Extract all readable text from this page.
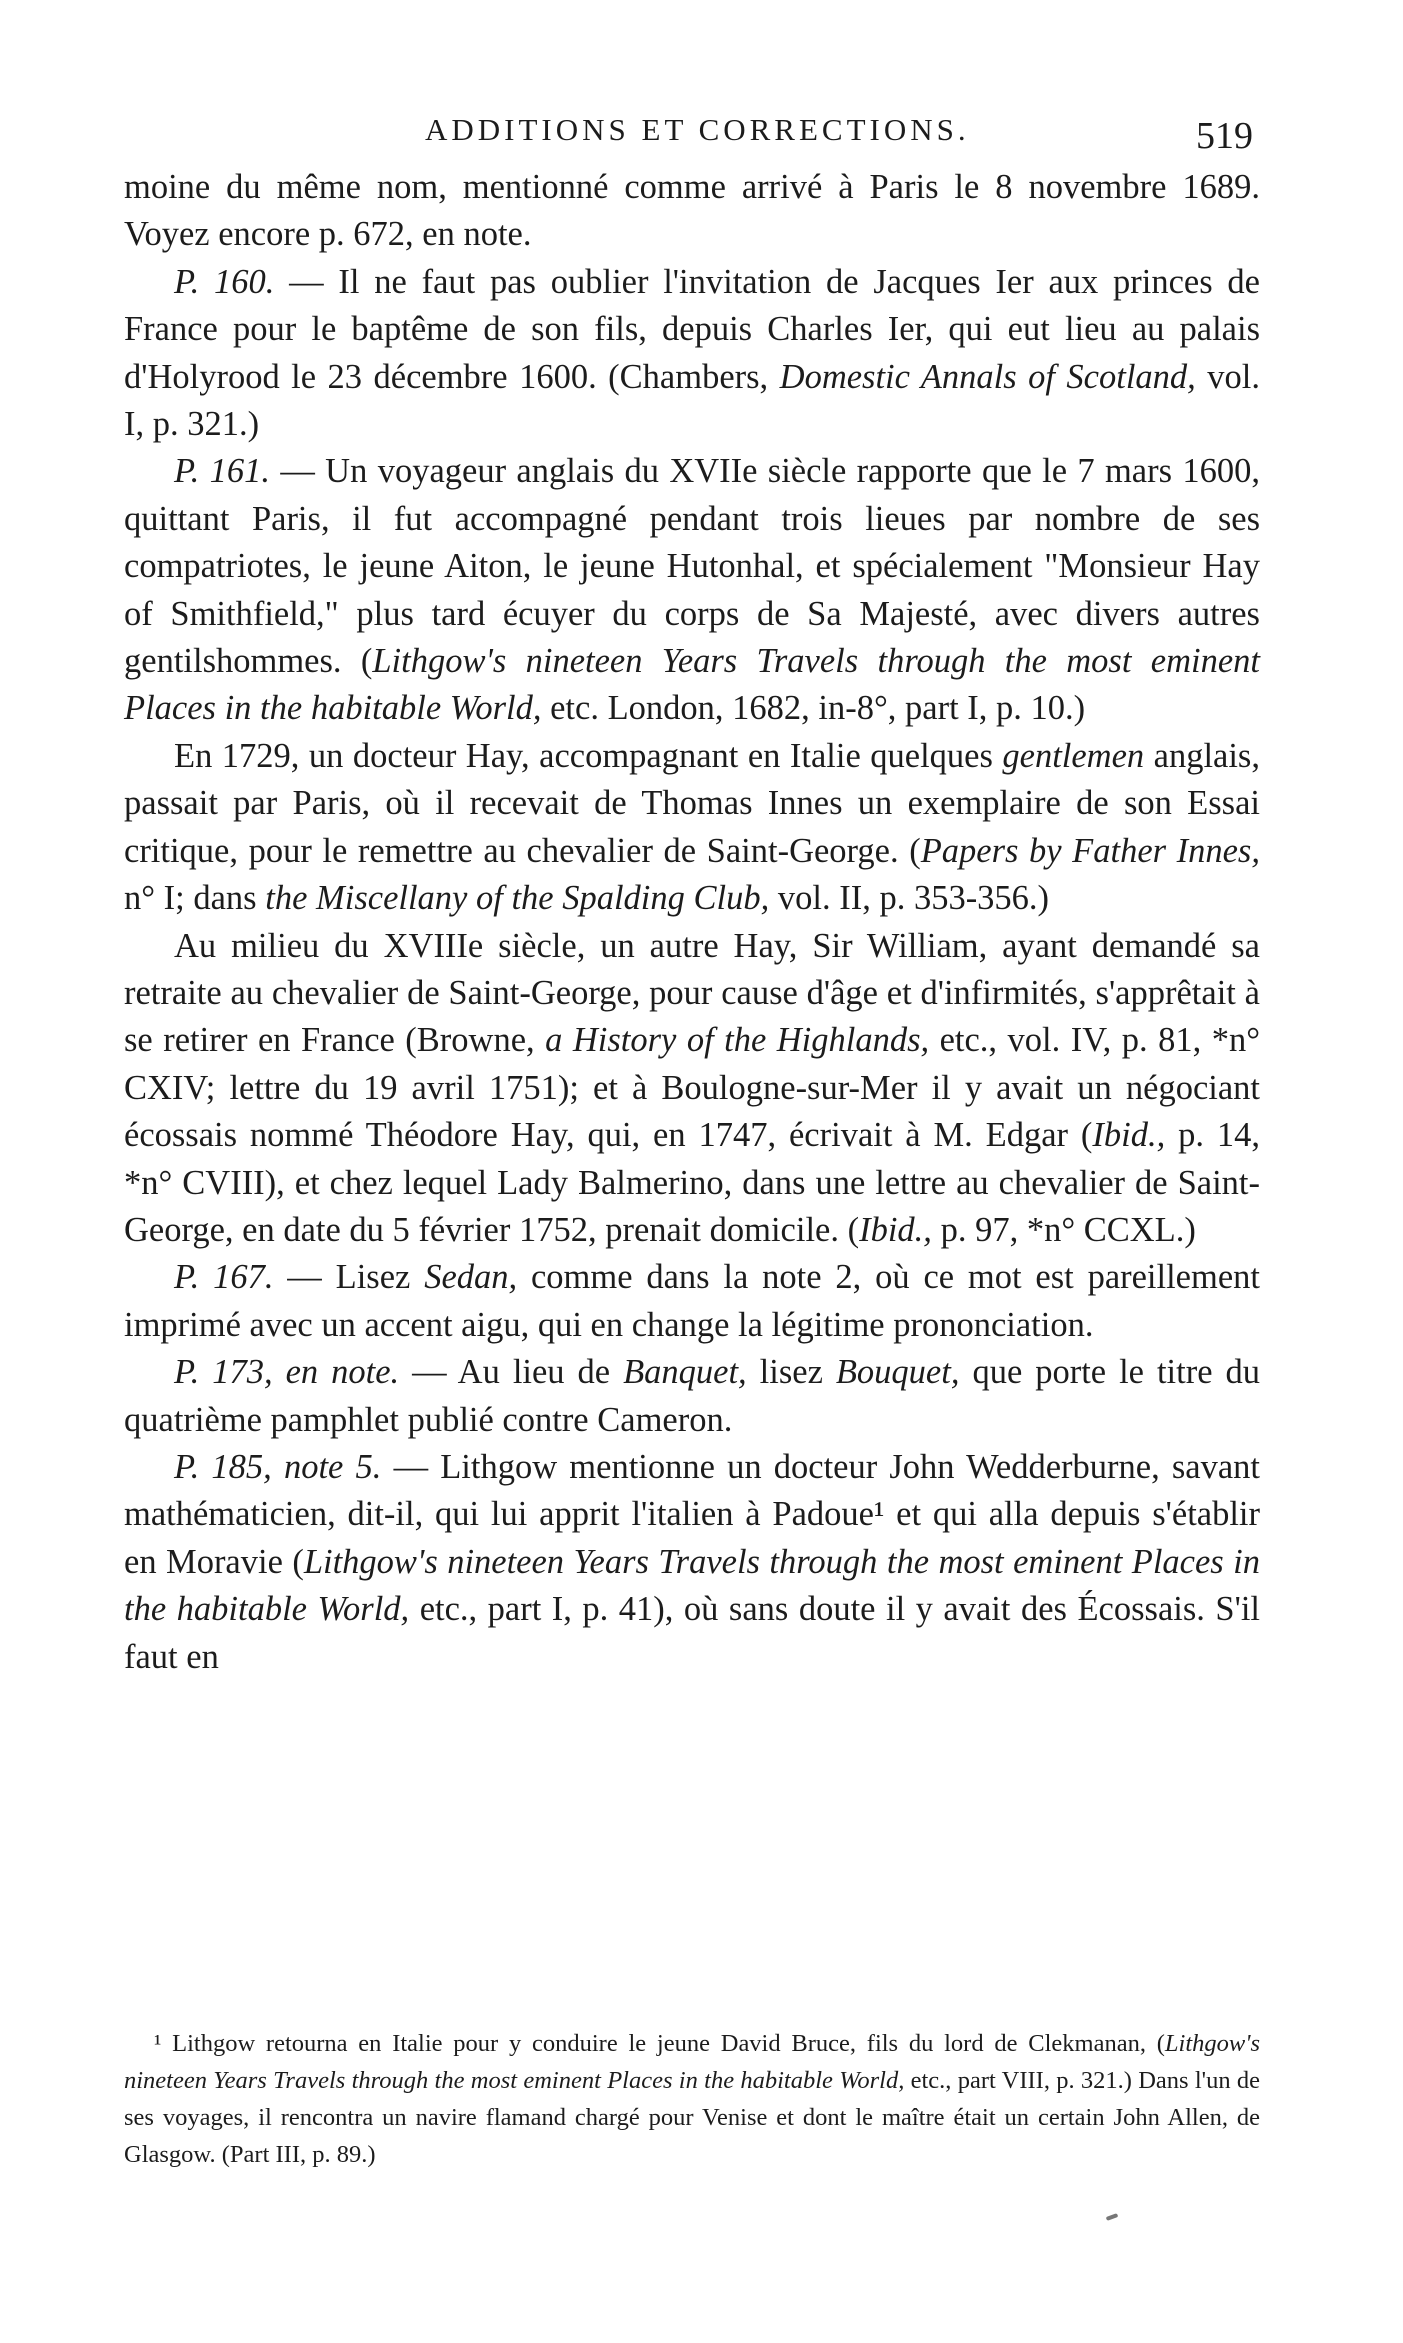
ADDITIONS ET CORRECTIONS.	519

moine du même nom, mentionné comme arrivé à Paris le 8 novembre 1689. Voyez encore p. 672, en note.

P. 160. — Il ne faut pas oublier l'invitation de Jacques Ier aux princes de France pour le baptême de son fils, depuis Charles Ier, qui eut lieu au palais d'Holyrood le 23 décembre 1600. (Chambers, Domestic Annals of Scotland, vol. I, p. 321.)

P. 161. — Un voyageur anglais du XVIIe siècle rapporte que le 7 mars 1600, quittant Paris, il fut accompagné pendant trois lieues par nombre de ses compatriotes, le jeune Aiton, le jeune Hutonhal, et spécialement "Monsieur Hay of Smithfield," plus tard écuyer du corps de Sa Majesté, avec divers autres gentilshommes. (Lithgow's nineteen Years Travels through the most eminent Places in the habitable World, etc. London, 1682, in-8°, part I, p. 10.)

En 1729, un docteur Hay, accompagnant en Italie quelques gentlemen anglais, passait par Paris, où il recevait de Thomas Innes un exemplaire de son Essai critique, pour le remettre au chevalier de Saint-George. (Papers by Father Innes, n° I; dans the Miscellany of the Spalding Club, vol. II, p. 353-356.)

Au milieu du XVIIIe siècle, un autre Hay, Sir William, ayant demandé sa retraite au chevalier de Saint-George, pour cause d'âge et d'infirmités, s'apprêtait à se retirer en France (Browne, a History of the Highlands, etc., vol. IV, p. 81, *n° CXIV; lettre du 19 avril 1751); et à Boulogne-sur-Mer il y avait un négociant écossais nommé Théodore Hay, qui, en 1747, écrivait à M. Edgar (Ibid., p. 14, *n° CVIII), et chez lequel Lady Balmerino, dans une lettre au chevalier de Saint-George, en date du 5 février 1752, prenait domicile. (Ibid., p. 97, *n° CCXL.)

P. 167. — Lisez Sedan, comme dans la note 2, où ce mot est pareillement imprimé avec un accent aigu, qui en change la légitime prononciation.

P. 173, en note. — Au lieu de Banquet, lisez Bouquet, que porte le titre du quatrième pamphlet publié contre Cameron.

P. 185, note 5. — Lithgow mentionne un docteur John Wedderburne, savant mathématicien, dit-il, qui lui apprit l'italien à Padoue¹ et qui alla depuis s'établir en Moravie (Lithgow's nineteen Years Travels through the most eminent Places in the habitable World, etc., part I, p. 41), où sans doute il y avait des Écossais. S'il faut en

¹ Lithgow retourna en Italie pour y conduire le jeune David Bruce, fils du lord de Clekmanan, (Lithgow's nineteen Years Travels through the most eminent Places in the habitable World, etc., part VIII, p. 321.) Dans l'un de ses voyages, il rencontra un navire flamand chargé pour Venise et dont le maître était un certain John Allen, de Glasgow. (Part III, p. 89.)
